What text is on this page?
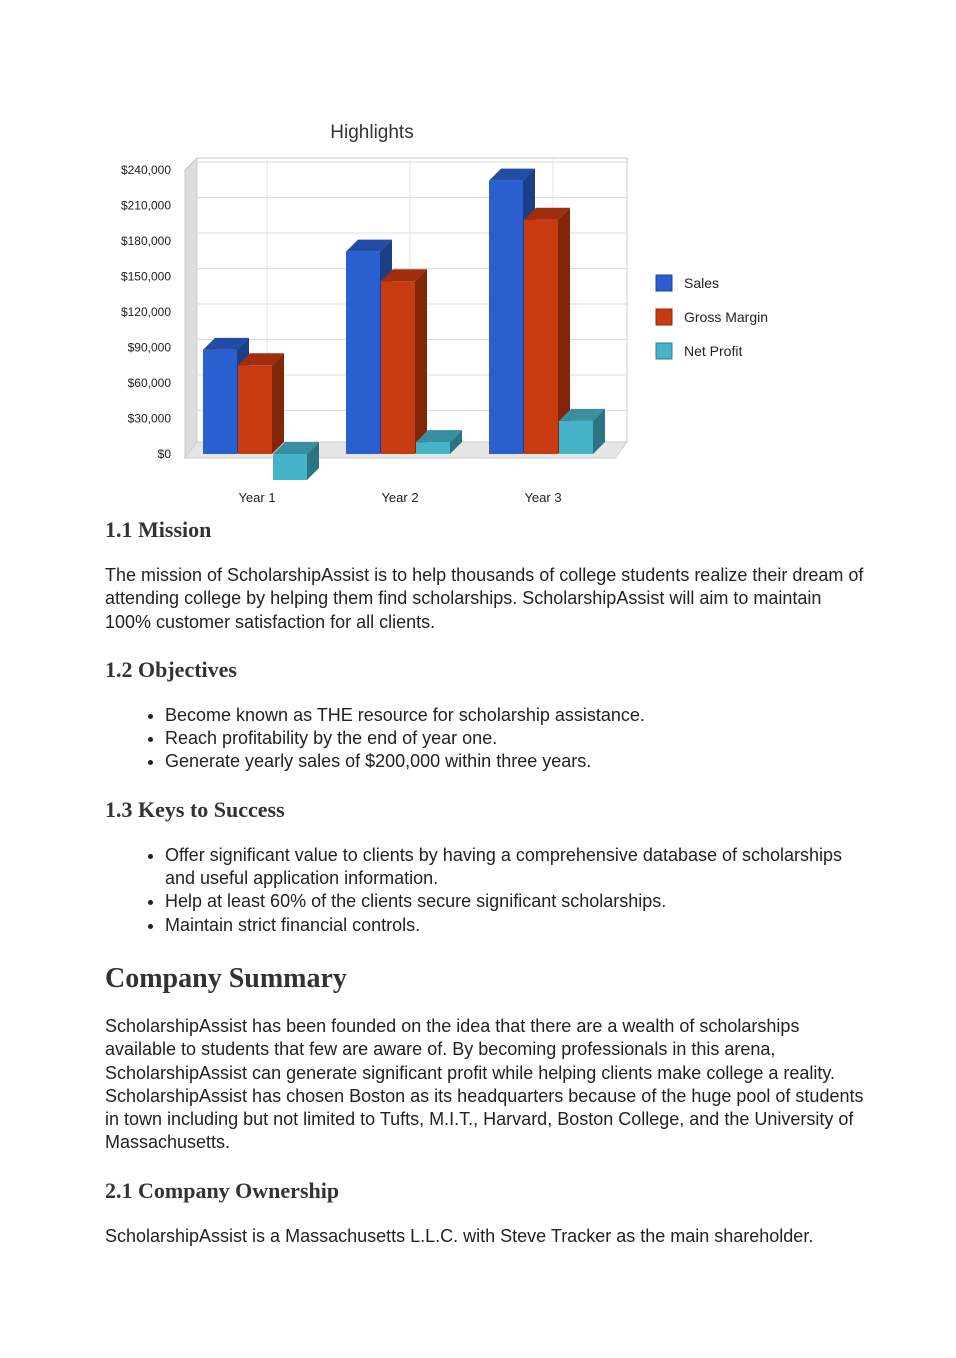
Highlights
$0
$30,000
$60,000
$90,000
$120,000
$150,000
$180,000
$210,000
$240,000
Year 1	Year 2	Year 3
Sales
Gross Margin
Net Profit
1.1 Mission

The mission of ScholarshipAssist is to help thousands of college students realize their dream of attending college by helping them find scholarships. ScholarshipAssist will aim to maintain 100% customer satisfaction for all clients.

1.2 Objectives
• Become known as THE resource for scholarship assistance.
• Reach profitability by the end of year one.
• Generate yearly sales of $200,000 within three years.
1.3 Keys to Success
• Offer significant value to clients by having a comprehensive database of scholarships and useful application information.
• Help at least 60% of the clients secure significant scholarships.
• Maintain strict financial controls.
Company Summary

ScholarshipAssist has been founded on the idea that there are a wealth of scholarships available to students that few are aware of. By becoming professionals in this arena, ScholarshipAssist can generate significant profit while helping clients make college a reality. ScholarshipAssist has chosen Boston as its headquarters because of the huge pool of students in town including but not limited to Tufts, M.I.T., Harvard, Boston College, and the University of Massachusetts.

2.1 Company Ownership

ScholarshipAssist is a Massachusetts L.L.C. with Steve Tracker as the main shareholder.
